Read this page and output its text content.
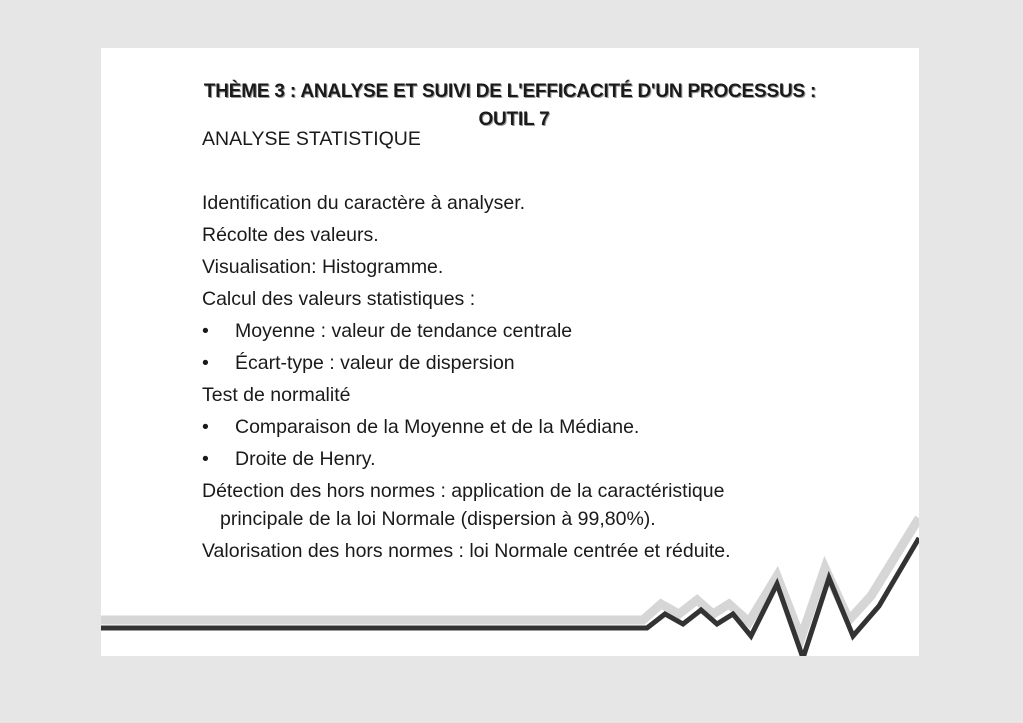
THÈME 3 : ANALYSE ET SUIVI DE L'EFFICACITÉ D'UN PROCESSUS :
OUTIL 7
ANALYSE STATISTIQUE
Identification du caractère à analyser.
Récolte des valeurs.
Visualisation: Histogramme.
Calcul des valeurs statistiques :
• Moyenne : valeur de tendance centrale
• Écart-type : valeur de dispersion
Test de normalité
• Comparaison de la Moyenne et de la Médiane.
• Droite de Henry.
Détection des hors normes : application de la caractéristique
principale de la loi Normale (dispersion à 99,80%).
Valorisation des hors normes : loi Normale centrée et réduite.
